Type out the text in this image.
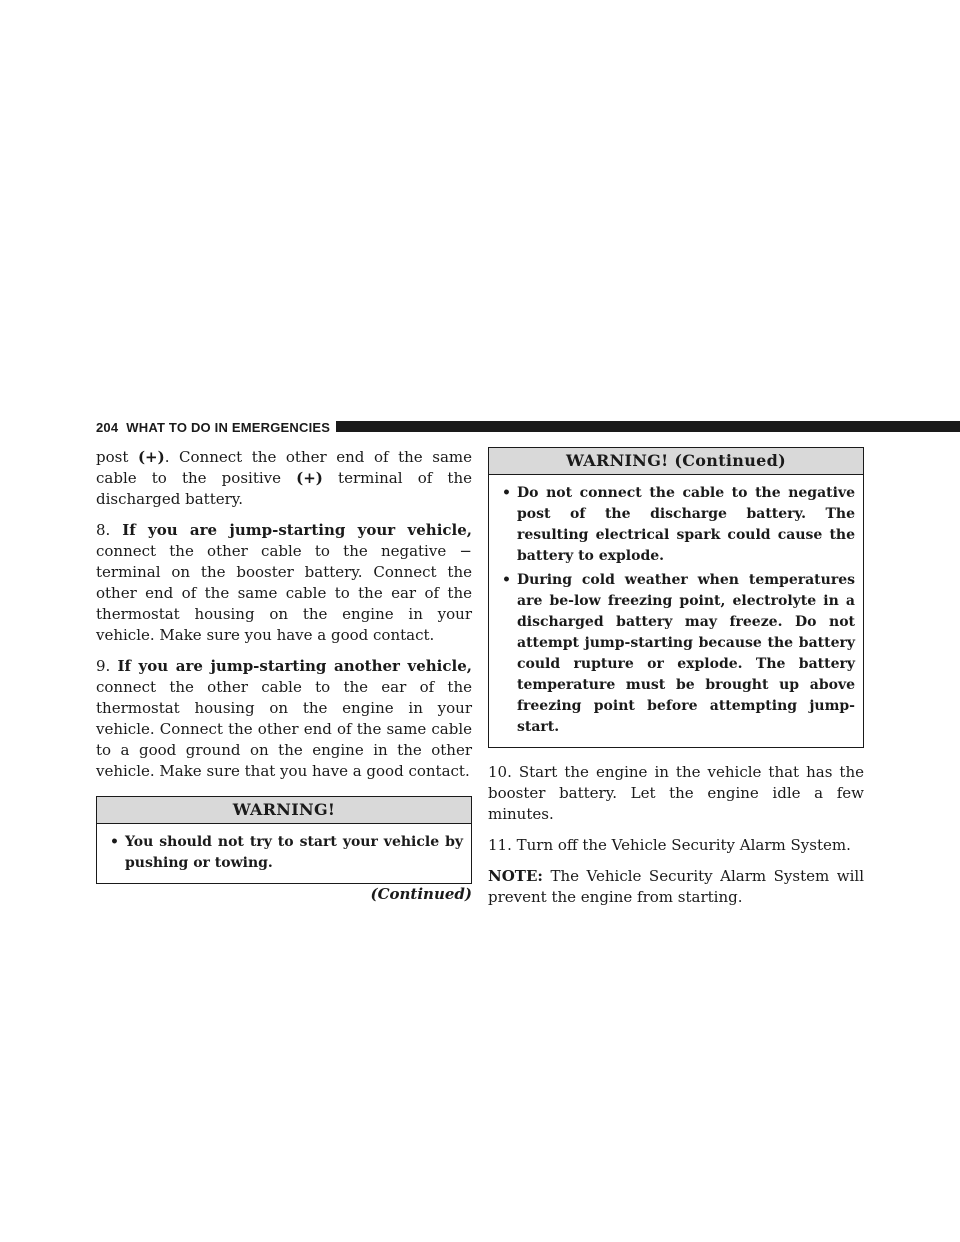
204 WHAT TO DO IN EMERGENCIES

post (+). Connect the other end of the same cable to the positive (+) terminal of the discharged battery.

8. If you are jump-starting your vehicle, connect the other cable to the negative − terminal on the booster battery. Connect the other end of the same cable to the ear of the thermostat housing on the engine in your vehicle. Make sure you have a good contact.

9. If you are jump-starting another vehicle, connect the other cable to the ear of the thermostat housing on the engine in your vehicle. Connect the other end of the same cable to a good ground on the engine in the other vehicle. Make sure that you have a good contact.

WARNING!
• You should not try to start your vehicle by pushing or towing.
(Continued)
WARNING! (Continued)
• Do not connect the cable to the negative post of the discharge battery. The resulting electrical spark could cause the battery to explode.
• During cold weather when temperatures are be-low freezing point, electrolyte in a discharged battery may freeze. Do not attempt jump-starting because the battery could rupture or explode. The battery temperature must be brought up above freezing point before attempting jump-start.

10. Start the engine in the vehicle that has the booster battery. Let the engine idle a few minutes.

11. Turn off the Vehicle Security Alarm System.

NOTE: The Vehicle Security Alarm System will prevent the engine from starting.
